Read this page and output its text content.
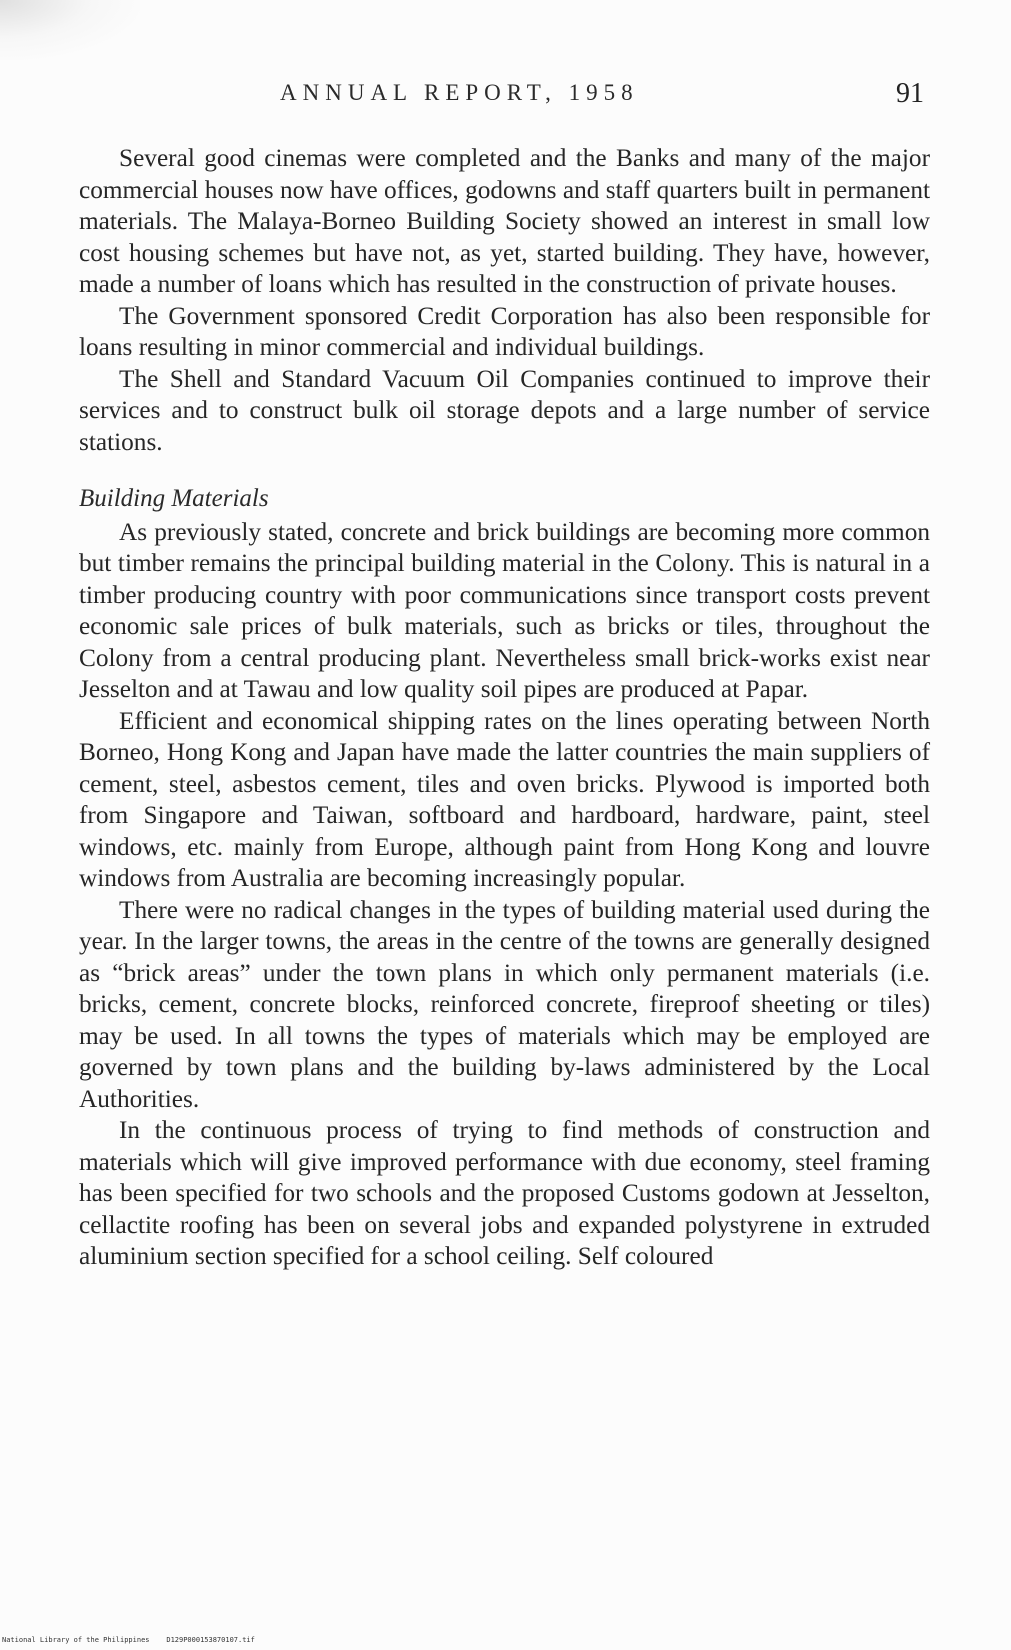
ANNUAL REPORT, 1958	91

Several good cinemas were completed and the Banks and many of the major commercial houses now have offices, godowns and staff quarters built in permanent materials. The Malaya-Borneo Building Society showed an interest in small low cost housing schemes but have not, as yet, started building. They have, however, made a number of loans which has resulted in the construction of private houses.

The Government sponsored Credit Corporation has also been responsible for loans resulting in minor commercial and individual buildings.

The Shell and Standard Vacuum Oil Companies continued to improve their services and to construct bulk oil storage depots and a large number of service stations.

Building Materials

As previously stated, concrete and brick buildings are becoming more common but timber remains the principal building material in the Colony. This is natural in a timber producing country with poor communications since transport costs prevent economic sale prices of bulk materials, such as bricks or tiles, throughout the Colony from a central producing plant. Nevertheless small brick-works exist near Jesselton and at Tawau and low quality soil pipes are produced at Papar.

Efficient and economical shipping rates on the lines operating between North Borneo, Hong Kong and Japan have made the latter countries the main suppliers of cement, steel, asbestos cement, tiles and oven bricks. Plywood is imported both from Singapore and Taiwan, softboard and hardboard, hardware, paint, steel windows, etc. mainly from Europe, although paint from Hong Kong and louvre windows from Australia are becoming increasingly popular.

There were no radical changes in the types of building material used during the year. In the larger towns, the areas in the centre of the towns are generally designed as “brick areas” under the town plans in which only permanent materials (i.e. bricks, cement, concrete blocks, reinforced concrete, fireproof sheeting or tiles) may be used. In all towns the types of materials which may be employed are governed by town plans and the building by-laws administered by the Local Authorities.

In the continuous process of trying to find methods of construction and materials which will give improved performance with due economy, steel framing has been specified for two schools and the proposed Customs godown at Jesselton, cellactite roofing has been on several jobs and expanded polystyrene in extruded aluminium section specified for a school ceiling. Self coloured

National Library of the Philippines    D129P000153870107.tif
